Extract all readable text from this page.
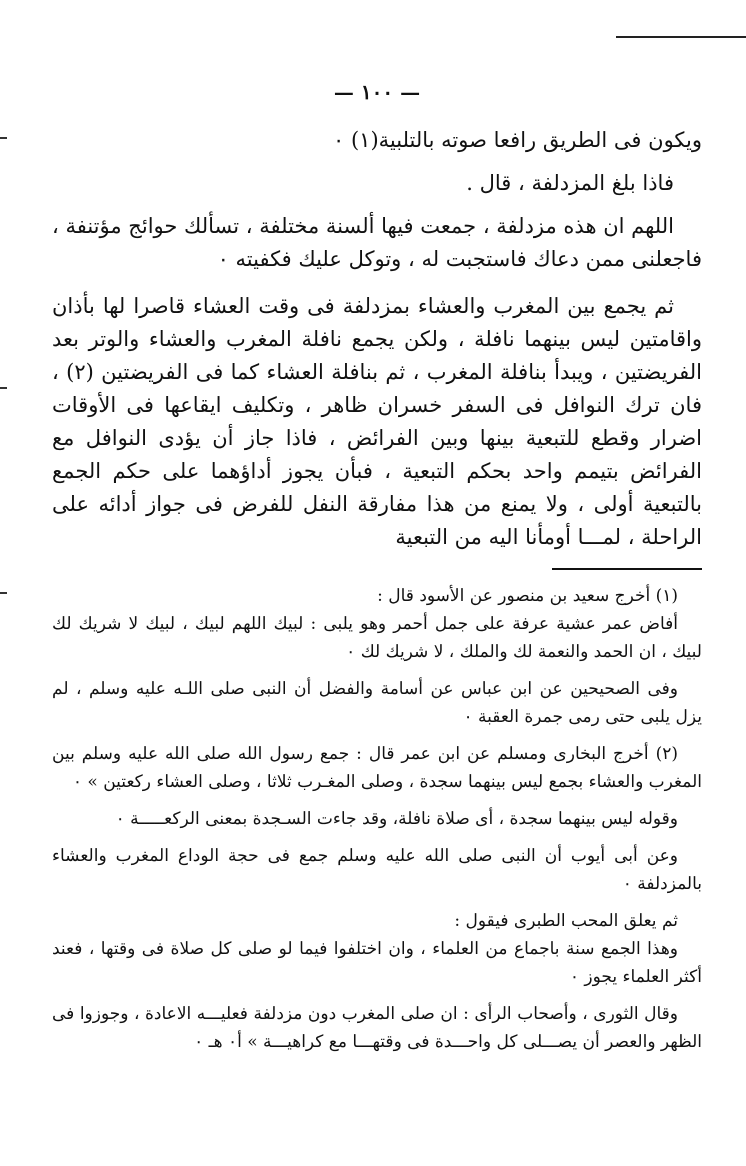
— ١٠٠ —

ويكون فى الطريق رافعا صوته بالتلبية(١) ٠

فاذا بلغ المزدلفة ، قال .

اللهم ان هذه مزدلفة ، جمعت فيها ألسنة مختلفة ، تسألك حوائج مؤتنفة ، فاجعلنى ممن دعاك فاستجبت له ، وتوكل عليك فكفيته ٠

ثم يجمع بين المغرب والعشاء بمزدلفة فى وقت العشاء قاصرا لها بأذان واقامتين ليس بينهما نافلة ، ولكن يجمع نافلة المغرب والعشاء والوتر بعد الفريضتين ، ويبدأ بنافلة المغرب ، ثم بنافلة العشاء كما فى الفريضتين (٢) ، فان ترك النوافل فى السفر خسران ظاهر ، وتكليف ايقاعها فى الأوقات اضرار وقطع للتبعية بينها وبين الفرائض ، فاذا جاز أن يؤدى النوافل مع الفرائض بتيمم واحد بحكم التبعية ، فبأن يجوز أداؤهما على حكم الجمع بالتبعية أولى ، ولا يمنع من هذا مفارقة النفل للفرض فى جواز أدائه على الراحلة ، لمـــا أومأنا اليه من التبعية

(١) أخرج سعيد بن منصور عن الأسود قال :

أفاض عمر عشية عرفة على جمل أحمر وهو يلبى : لبيك اللهم لبيك ، لبيك لا شريك لك لبيك ، ان الحمد والنعمة لك والملك ، لا شريك لك ٠

وفى الصحيحين عن ابن عباس عن أسامة والفضل أن النبى صلى اللـه عليه وسلم ، لم يزل يلبى حتى رمى جمرة العقبة ٠

(٢) أخرج البخارى ومسلم عن ابن عمر قال : جمع رسول الله صلى الله عليه وسلم بين المغرب والعشاء بجمع ليس بينهما سجدة ، وصلى المغـرب ثلاثا ، وصلى العشاء ركعتين » ٠

وقوله ليس بينهما سجدة ، أى صلاة نافلة، وقد جاءت السـجدة بمعنى الركعـــــة ٠

وعن أبى أيوب أن النبى صلى الله عليه وسلم جمع فى حجة الوداع المغرب والعشاء بالمزدلفة ٠

ثم يعلق المحب الطبرى فيقول :

وهذا الجمع سنة باجماع من العلماء ، وان اختلفوا فيما لو صلى كل صلاة فى وقتها ، فعند أكثر العلماء يجوز ٠

وقال الثورى ، وأصحاب الرأى : ان صلى المغرب دون مزدلفة فعليـــه الاعادة ، وجوزوا فى الظهر والعصر أن يصـــلى كل واحـــدة فى وقتهـــا مع كراهيـــة » أ٠ هـ ٠
